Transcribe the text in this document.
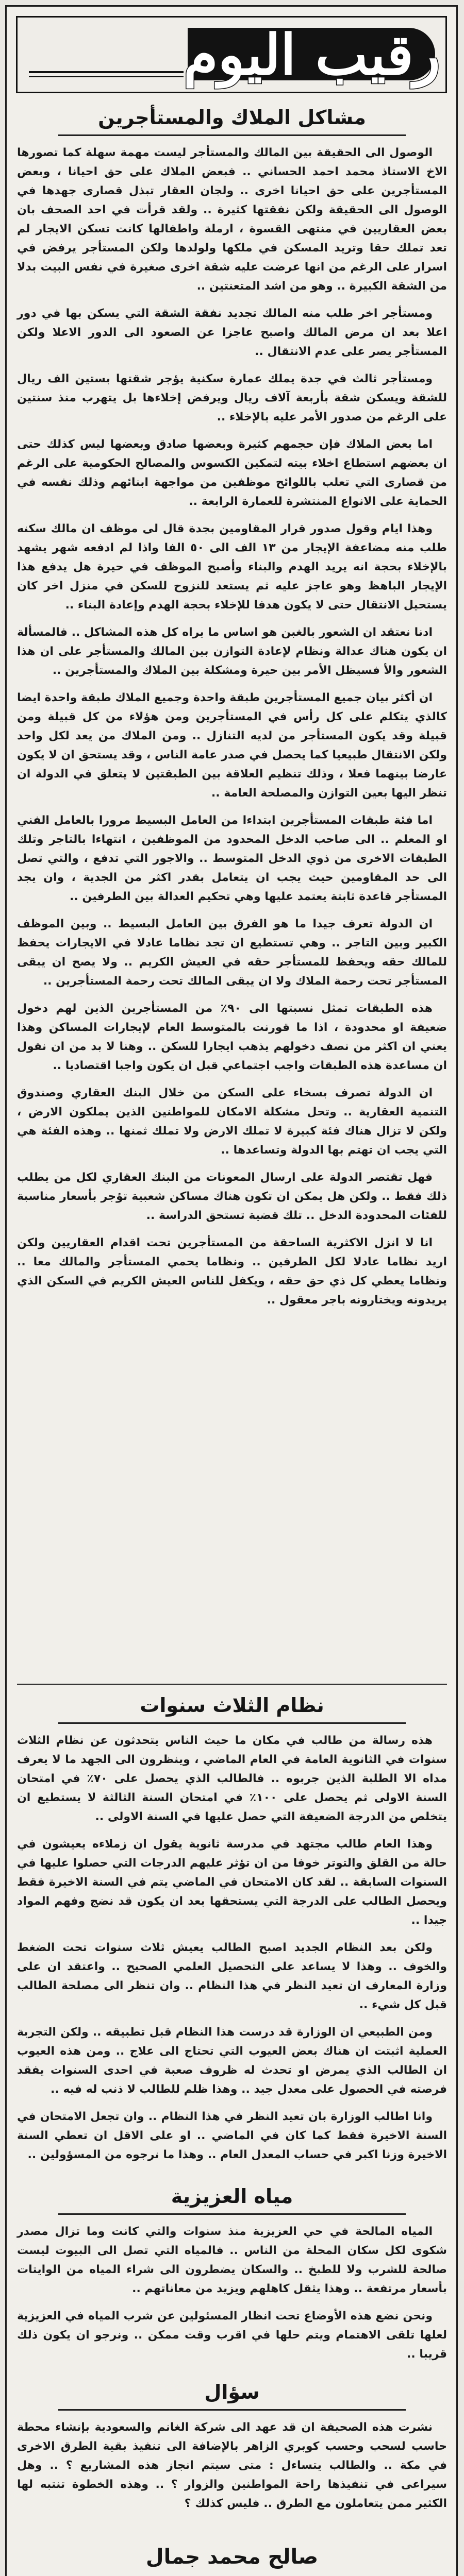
رقيب اليوم
مشاكل الملاك والمستأجرين

الوصول الى الحقيقة بين المالك والمستأجر ليست مهمة سهلة كما تصورها الاخ الاستاذ محمد احمد الحساني .. فبعض الملاك على حق احيانا ، وبعض المستأجرين على حق احيانا اخرى .. ولجان العقار تبذل قصارى جهدها في الوصول الى الحقيقة ولكن نفقتها كثيرة .. ولقد قرأت في احد الصحف بان بعض العقاريين في منتهى القسوة ، ارملة واطفالها كانت تسكن الايجار لم تعد تملك حقا وتريد المسكن في ملكها ولولدها ولكن المستأجر يرفض في اسرار على الرغم من انها عرضت عليه شقة اخرى صغيرة في نفس البيت بدلا من الشقة الكبيرة .. وهو من اشد المتعنتين ..

ومستأجر اخر طلب منه المالك تجديد نفقة الشقة التي يسكن بها في دور اعلا بعد ان مرض المالك واصبح عاجزا عن الصعود الى الدور الاعلا ولكن المستأجر يصر على عدم الانتقال ..

ومستأجر ثالث في جدة يملك عمارة سكنية يؤجر شقتها بستين الف ريال للشقة ويسكن شقة بأربعة آلاف ريال ويرفض إخلاءها بل يتهرب منذ سنتين على الرغم من صدور الأمر عليه بالإخلاء ..

اما بعض الملاك فإن حجمهم كثيرة وبعضها صادق وبعضها ليس كذلك حتى ان بعضهم استطاع اخلاء بيته لتمكين الكسوس والمصالح الحكومية على الرغم من قصارى التي تعلب باللوائح موظفين من مواجهة ابنائهم وذلك نفسه في الحماية على الانواع المنتشرة للعمارة الرابعة ..

وهذا ايام وقول صدور قرار المقاومين بجدة قال لى موظف ان مالك سكنه طلب منه مضاعفة الإيجار من ١٣ الف الى ٥٠ الفا واذا لم ادفعه شهر يشهد بالإخلاء بحجة انه يريد الهدم والبناء وأصبح الموظف في حيرة هل يدفع هذا الإيجار الباهظ وهو عاجز عليه ثم يستعد للنزوح للسكن في منزل اخر كان يستحيل الانتقال حتى لا يكون هدفا للإخلاء بحجة الهدم وإعادة البناء ..

ادنا نعتقد ان الشعور بالغبن هو اساس ما يراه كل هذه المشاكل .. فالمسألة ان يكون هناك عدالة ونظام لإعادة التوازن بين المالك والمستأجر على ان هذا الشعور والأ فسيظل الأمر بين حيرة ومشكلة بين الملاك والمستأجرين ..

ان أكثر بيان جميع المستأجرين طبقة واحدة وجميع الملاك طبقة واحدة ايضا كالذي يتكلم على كل رأس في المستأجرين ومن هؤلاء من كل قبيلة ومن قبيلة وقد يكون المستأجر من لديه التنازل .. ومن الملاك من يعد لكل واحد ولكن الانتقال طبيعيا كما يحصل في صدر عامة الناس ، وقد يستحق ان لا يكون عارضا بينهما فعلا ، وذلك تنظيم العلاقة بين الطبقتين لا يتعلق في الدولة ان تنظر اليها بعين التوازن والمصلحة العامة ..

اما فئة طبقات المستأجرين ابتداءا من العامل البسيط مرورا بالعامل الفني او المعلم .. الى صاحب الدخل المحدود من الموظفين ، انتهاءا بالتاجر وتلك الطبقات الاخرى من ذوي الدخل المتوسط .. والاجور التي تدفع ، والتي تصل الى حد المقاومين حيث يجب ان يتعامل بقدر اكثر من الجدية ، وان يجد المستأجر قاعدة ثابتة يعتمد عليها وهي تحكيم العدالة بين الطرفين ..

ان الدولة تعرف جيدا ما هو الفرق بين العامل البسيط .. وبين الموظف الكبير وبين التاجر .. وهي تستطيع ان تجد نظاما عادلا في الايجارات يحفظ للمالك حقه ويحفظ للمستأجر حقه في العيش الكريم .. ولا يصح ان يبقى المستأجر تحت رحمة الملاك ولا ان يبقى المالك تحت رحمة المستأجرين ..

هذه الطبقات تمثل نسبتها الى ٩٠٪ من المستأجرين الذين لهم دخول ضعيفة او محدودة ، اذا ما قورنت بالمتوسط العام لإيجارات المساكن وهذا يعني ان اكثر من نصف دخولهم يذهب ايجارا للسكن .. وهنا لا بد من ان نقول ان مساعدة هذه الطبقات واجب اجتماعي قبل ان يكون واجبا اقتصاديا ..

ان الدولة تصرف بسخاء على السكن من خلال البنك العقاري وصندوق التنمية العقارية .. وتحل مشكلة الامكان للمواطنين الذين يملكون الارض ، ولكن لا تزال هناك فئة كبيرة لا تملك الارض ولا تملك ثمنها .. وهذه الفئة هي التي يجب ان تهتم بها الدولة وتساعدها ..

فهل تقتصر الدولة على ارسال المعونات من البنك العقاري لكل من يطلب ذلك فقط .. ولكن هل يمكن ان تكون هناك مساكن شعبية تؤجر بأسعار مناسبة للفئات المحدودة الدخل .. تلك قضية تستحق الدراسة ..

انا لا انزل الاكثرية الساحقة من المستأجرين تحت اقدام العقاريين ولكن اريد نظاما عادلا لكل الطرفين .. ونظاما يحمي المستأجر والمالك معا .. ونظاما يعطي كل ذي حق حقه ، ويكفل للناس العيش الكريم في السكن الذي يريدونه ويختارونه باجر معقول ..

نظام الثلاث سنوات

هذه رسالة من طالب في مكان ما حيث الناس يتحدثون عن نظام الثلاث سنوات في الثانوية العامة في العام الماضي ، وينظرون الى الجهد ما لا يعرف مداه الا الطلبة الذين جربوه .. فالطالب الذي يحصل على ٧٠٪ في امتحان السنة الاولى ثم يحصل على ١٠٠٪ في امتحان السنة الثالثة لا يستطيع ان يتخلص من الدرجة الضعيفة التي حصل عليها في السنة الاولى ..

وهذا العام طالب مجتهد في مدرسة ثانوية يقول ان زملاءه يعيشون في حالة من القلق والتوتر خوفا من ان تؤثر عليهم الدرجات التي حصلوا عليها في السنوات السابقة .. لقد كان الامتحان في الماضي يتم في السنة الاخيرة فقط ويحصل الطالب على الدرجة التي يستحقها بعد ان يكون قد نضج وفهم المواد جيدا ..

ولكن بعد النظام الجديد اصبح الطالب يعيش ثلاث سنوات تحت الضغط والخوف .. وهذا لا يساعد على التحصيل العلمي الصحيح .. واعتقد ان على وزارة المعارف ان تعيد النظر في هذا النظام .. وان تنظر الى مصلحة الطالب قبل كل شيء ..

ومن الطبيعي ان الوزارة قد درست هذا النظام قبل تطبيقه .. ولكن التجربة العملية اثبتت ان هناك بعض العيوب التي تحتاج الى علاج .. ومن هذه العيوب ان الطالب الذي يمرض او تحدث له ظروف صعبة في احدى السنوات يفقد فرصته في الحصول على معدل جيد .. وهذا ظلم للطالب لا ذنب له فيه ..

وانا اطالب الوزارة بان تعيد النظر في هذا النظام .. وان تجعل الامتحان في السنة الاخيرة فقط كما كان في الماضي .. او على الاقل ان تعطي السنة الاخيرة وزنا اكبر في حساب المعدل العام .. وهذا ما نرجوه من المسؤولين ..

مياه العزيزية

المياه المالحة في حي العزيزية منذ سنوات والتي كانت وما تزال مصدر شكوى لكل سكان المحلة من الناس .. فالمياه التي تصل الى البيوت ليست صالحة للشرب ولا للطبخ .. والسكان يضطرون الى شراء المياه من الوايتات بأسعار مرتفعة .. وهذا يثقل كاهلهم ويزيد من معاناتهم ..

ونحن نضع هذه الأوضاع تحت انظار المسئولين عن شرب المياه في العزيزية لعلها تلقى الاهتمام ويتم حلها في اقرب وقت ممكن .. ونرجو ان يكون ذلك قريبا ..

سؤال

نشرت هذه الصحيفة ان قد عهد الى شركة الغانم والسعودية بإنشاء محطة حاسب لسحب وحسب كوبري الزاهر بالإضافة الى تنفيذ بقية الطرق الاخرى في مكة .. والطالب يتساءل : متى سيتم انجاز هذه المشاريع ؟ .. وهل سيراعى في تنفيذها راحة المواطنين والزوار ؟ .. وهذه الخطوة تنتبه لها الكثير ممن يتعاملون مع الطرق .. فليس كذلك ؟

صالح محمد جمال
